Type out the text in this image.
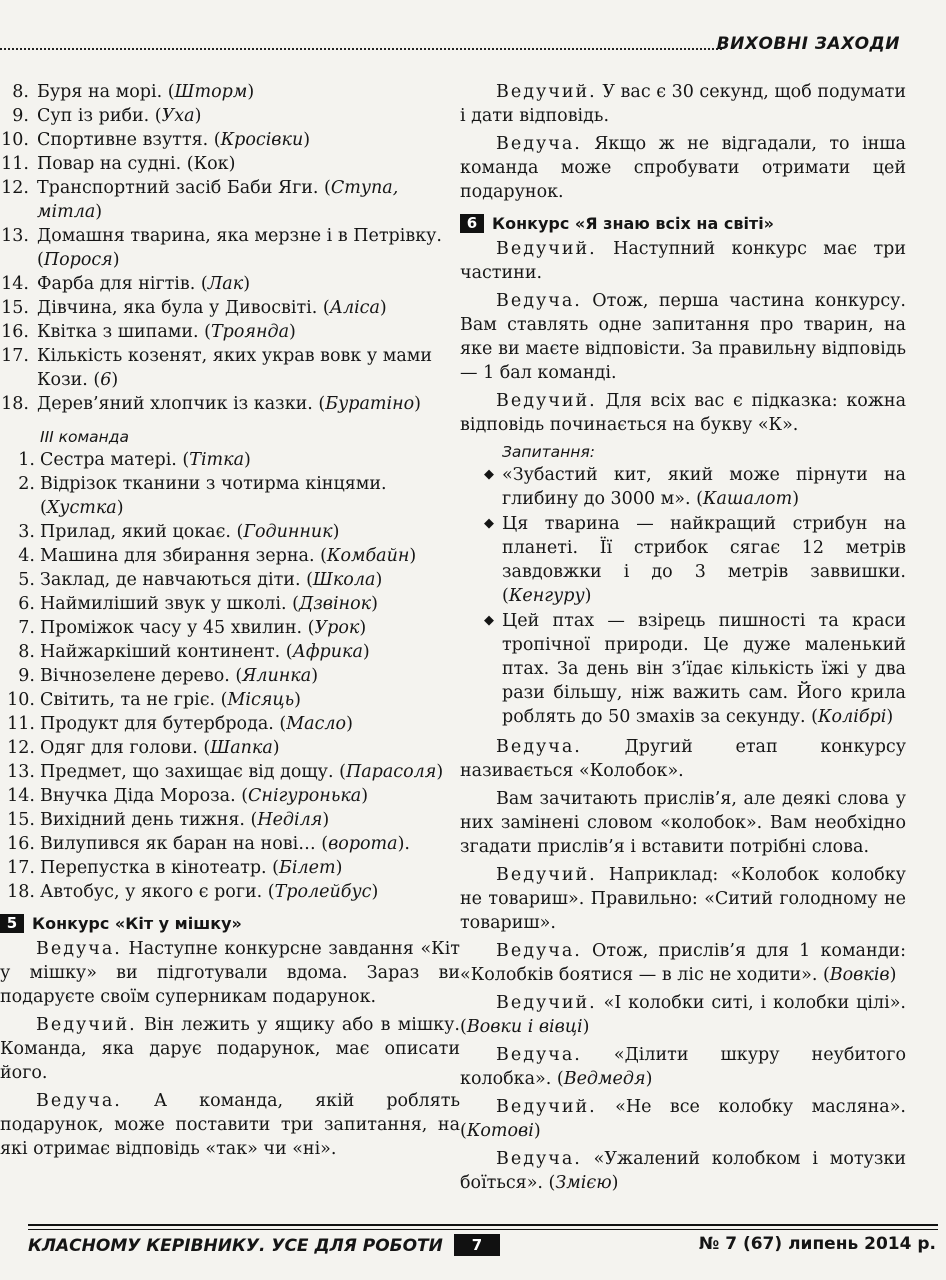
ВИХОВНІ ЗАХОДИ
8. Буря на морі. (Шторм)
9. Суп із риби. (Уха)
10. Спортивне взуття. (Кросівки)
11. Повар на судні. (Кок)
12. Транспортний засіб Баби Яги. (Ступа, мітла)
13. Домашня тварина, яка мерзне і в Петрівку. (Порося)
14. Фарба для нігтів. (Лак)
15. Дівчина, яка була у Дивосвіті. (Аліса)
16. Квітка з шипами. (Троянда)
17. Кількість козенят, яких украв вовк у мами Кози. (6)
18. Дерев’яний хлопчик із казки. (Буратіно)
ІІІ команда
1. Сестра матері. (Тітка)
2. Відрізок тканини з чотирма кінцями. (Хустка)
3. Прилад, який цокає. (Годинник)
4. Машина для збирання зерна. (Комбайн)
5. Заклад, де навчаються діти. (Школа)
6. Наймиліший звук у школі. (Дзвінок)
7. Проміжок часу у 45 хвилин. (Урок)
8. Найжаркіший континент. (Африка)
9. Вічнозелене дерево. (Ялинка)
10. Світить, та не гріє. (Місяць)
11. Продукт для бутерброда. (Масло)
12. Одяг для голови. (Шапка)
13. Предмет, що захищає від дощу. (Парасоля)
14. Внучка Діда Мороза. (Снігуронька)
15. Вихідний день тижня. (Неділя)
16. Вилупився як баран на нові… (ворота).
17. Перепустка в кінотеатр. (Білет)
18. Автобус, у якого є роги. (Тролейбус)
5 Конкурс «Кіт у мішку»

Ведуча. Наступне конкурсне завдання «Кіт у мішку» ви підготували вдома. Зараз ви подаруєте своїм суперникам подарунок.

Ведучий. Він лежить у ящику або в мішку. Команда, яка дарує подарунок, має описати його.

Ведуча. А команда, якій роблять подарунок, може поставити три запитання, на які отримає відповідь «так» чи «ні».

Ведучий. У вас є 30 секунд, щоб подумати і дати відповідь.

Ведуча. Якщо ж не відгадали, то інша команда може спробувати отримати цей подарунок.

6 Конкурс «Я знаю всіх на світі»

Ведучий. Наступний конкурс має три частини.

Ведуча. Отож, перша частина конкурсу. Вам ставлять одне запитання про тварин, на яке ви маєте відповісти. За правильну відповідь — 1 бал команді.

Ведучий. Для всіх вас є підказка: кожна відповідь починається на букву «К».

Запитання:
◆ «Зубастий кит, який може пірнути на глибину до 3000 м». (Кашалот)
◆ Ця тварина — найкращий стрибун на планеті. Її стрибок сягає 12 метрів завдовжки і до 3 метрів заввишки. (Кенгуру)
◆ Цей птах — взірець пишності та краси тропічної природи. Це дуже маленький птах. За день він з’їдає кількість їжі у два рази більшу, ніж важить сам. Його крила роблять до 50 змахів за секунду. (Колібрі)

Ведуча. Другий етап конкурсу називається «Колобок».

Вам зачитають прислів’я, але деякі слова у них замінені словом «колобок». Вам необхідно згадати прислів’я і вставити потрібні слова.

Ведучий. Наприклад: «Колобок колобку не товариш». Правильно: «Ситий голодному не товариш».

Ведуча. Отож, прислів’я для 1 команди: «Колобків боятися — в ліс не ходити». (Вовків)

Ведучий. «І колобки ситі, і колобки цілі». (Вовки і вівці)

Ведуча. «Ділити шкуру неубитого колобка». (Ведмедя)

Ведучий. «Не все колобку масляна». (Котові)

Ведуча. «Ужалений колобком і мотузки боїться». (Змією)

КЛАСНОМУ КЕРІВНИКУ. УСЕ ДЛЯ РОБОТИ	7	№ 7 (67) липень 2014 р.
